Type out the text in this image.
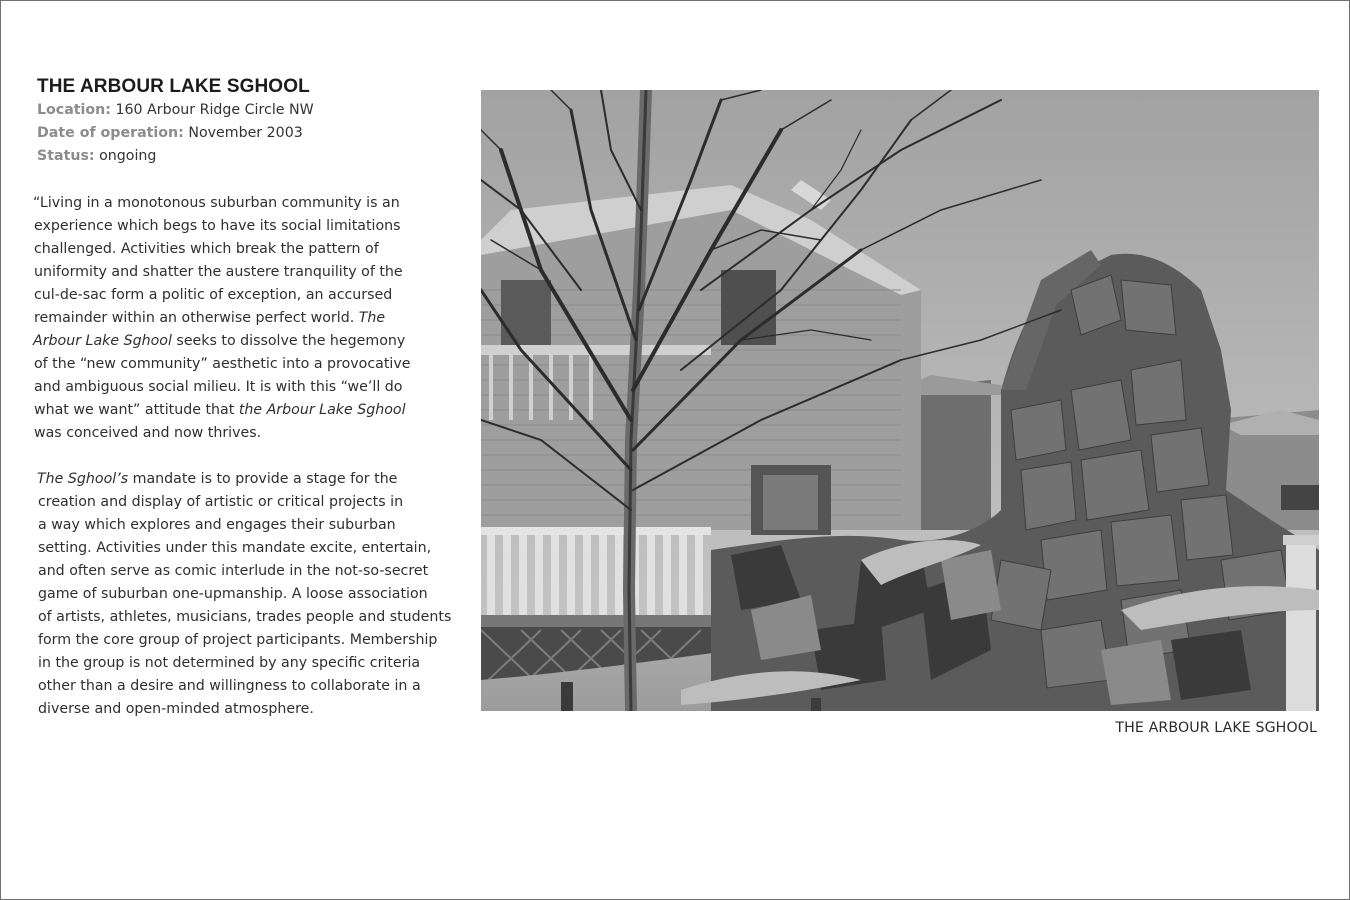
THE ARBOUR LAKE SGHOOL
Location: 160 Arbour Ridge Circle NW
Date of operation: November 2003
Status: ongoing
“Living in a monotonous suburban community is an
experience which begs to have its social limitations
challenged. Activities which break the pattern of
uniformity and shatter the austere tranquility of the
cul-de-sac form a politic of exception, an accursed
remainder within an otherwise perfect world. The
Arbour Lake Sghool seeks to dissolve the hegemony
of the “new community” aesthetic into a provocative
and ambiguous social milieu. It is with this “we’ll do
what we want” attitude that the Arbour Lake Sghool
was conceived and now thrives.
The Sghool’s mandate is to provide a stage for the
creation and display of artistic or critical projects in
a way which explores and engages their suburban
setting. Activities under this mandate excite, entertain,
and often serve as comic interlude in the not-so-secret
game of suburban one-upmanship. A loose association
of artists, athletes, musicians, trades people and students
form the core group of project participants. Membership
in the group is not determined by any specific criteria
other than a desire and willingness to collaborate in a
diverse and open-minded atmosphere.
THE ARBOUR LAKE SGHOOL
